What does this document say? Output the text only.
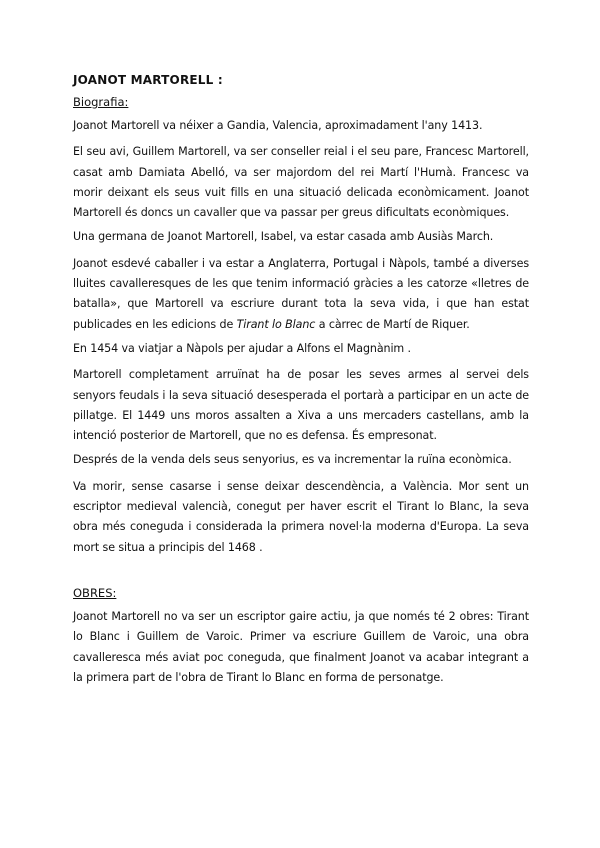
JOANOT MARTORELL :
Biografia:

Joanot Martorell va néixer a Gandia, Valencia, aproximadament l'any 1413.

El seu avi, Guillem Martorell, va ser conseller reial i el seu pare, Francesc Martorell, casat amb Damiata Abelló, va ser majordom del rei Martí l'Humà. Francesc va morir deixant els seus vuit fills en una situació delicada econòmicament. Joanot Martorell és doncs un cavaller que va passar per greus dificultats econòmiques.

Una germana de Joanot Martorell, Isabel, va estar casada amb Ausiàs March.

Joanot esdevé caballer i va estar a Anglaterra, Portugal i Nàpols, també a diverses lluites cavalleresques de les que tenim informació gràcies a les catorze «lletres de batalla», que Martorell va escriure durant tota la seva vida, i que han estat publicades en les edicions de Tirant lo Blanc a càrrec de Martí de Riquer.

En 1454 va viatjar a Nàpols per ajudar a Alfons el Magnànim .

Martorell completament arruïnat ha de posar les seves armes al servei dels senyors feudals i la seva situació desesperada el portarà a participar en un acte de pillatge. El 1449 uns moros assalten a Xiva a uns mercaders castellans, amb la intenció posterior de Martorell, que no es defensa. És empresonat.

Després de la venda dels seus senyorius, es va incrementar la ruïna econòmica.

Va morir, sense casarse i sense deixar descendència, a València. Mor sent un escriptor medieval valencià, conegut per haver escrit el Tirant lo Blanc, la seva obra més coneguda i considerada la primera novel·la moderna d'Europa. La seva mort se situa a principis del 1468 .

OBRES:

Joanot Martorell no va ser un escriptor gaire actiu, ja que només té 2 obres: Tirant lo Blanc i Guillem de Varoic. Primer va escriure Guillem de Varoic, una obra cavalleresca més aviat poc coneguda, que finalment Joanot va acabar integrant a la primera part de l'obra de Tirant lo Blanc en forma de personatge.
